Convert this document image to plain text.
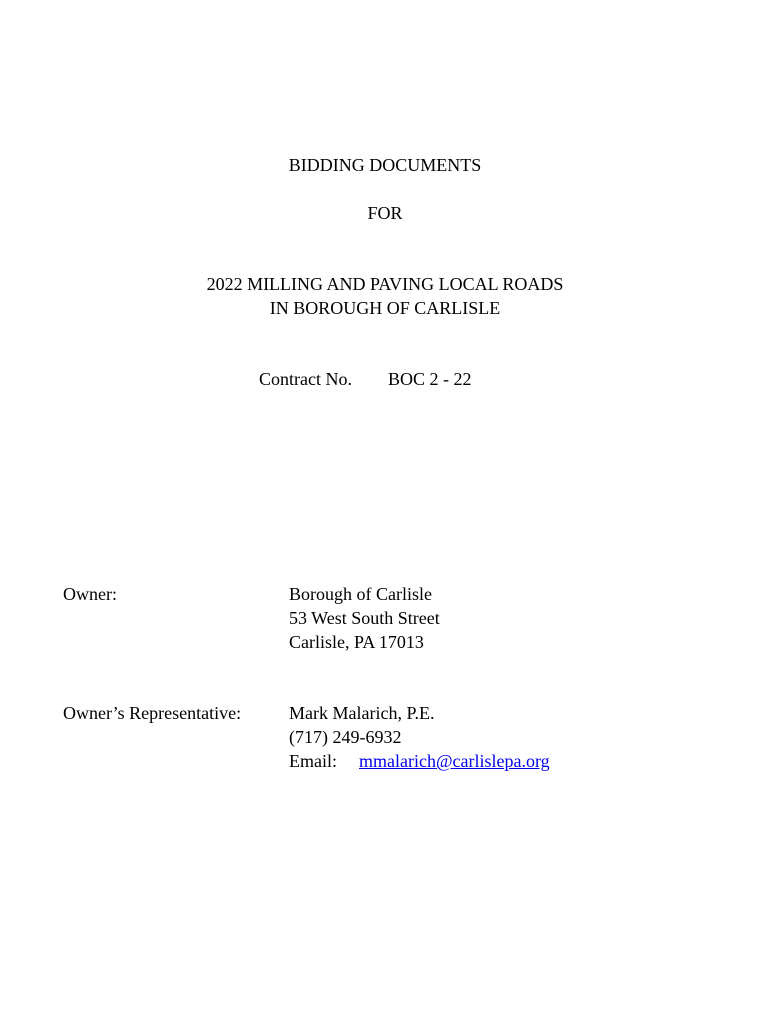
BIDDING DOCUMENTS
FOR
2022 MILLING AND PAVING LOCAL ROADS
IN BOROUGH OF CARLISLE
Contract No. BOC 2 - 22
Owner:	Borough of Carlisle
53 West South Street
Carlisle, PA 17013
Owner’s Representative:	Mark Malarich, P.E.
(717) 249-6932
Email: mmalarich@carlislepa.org
